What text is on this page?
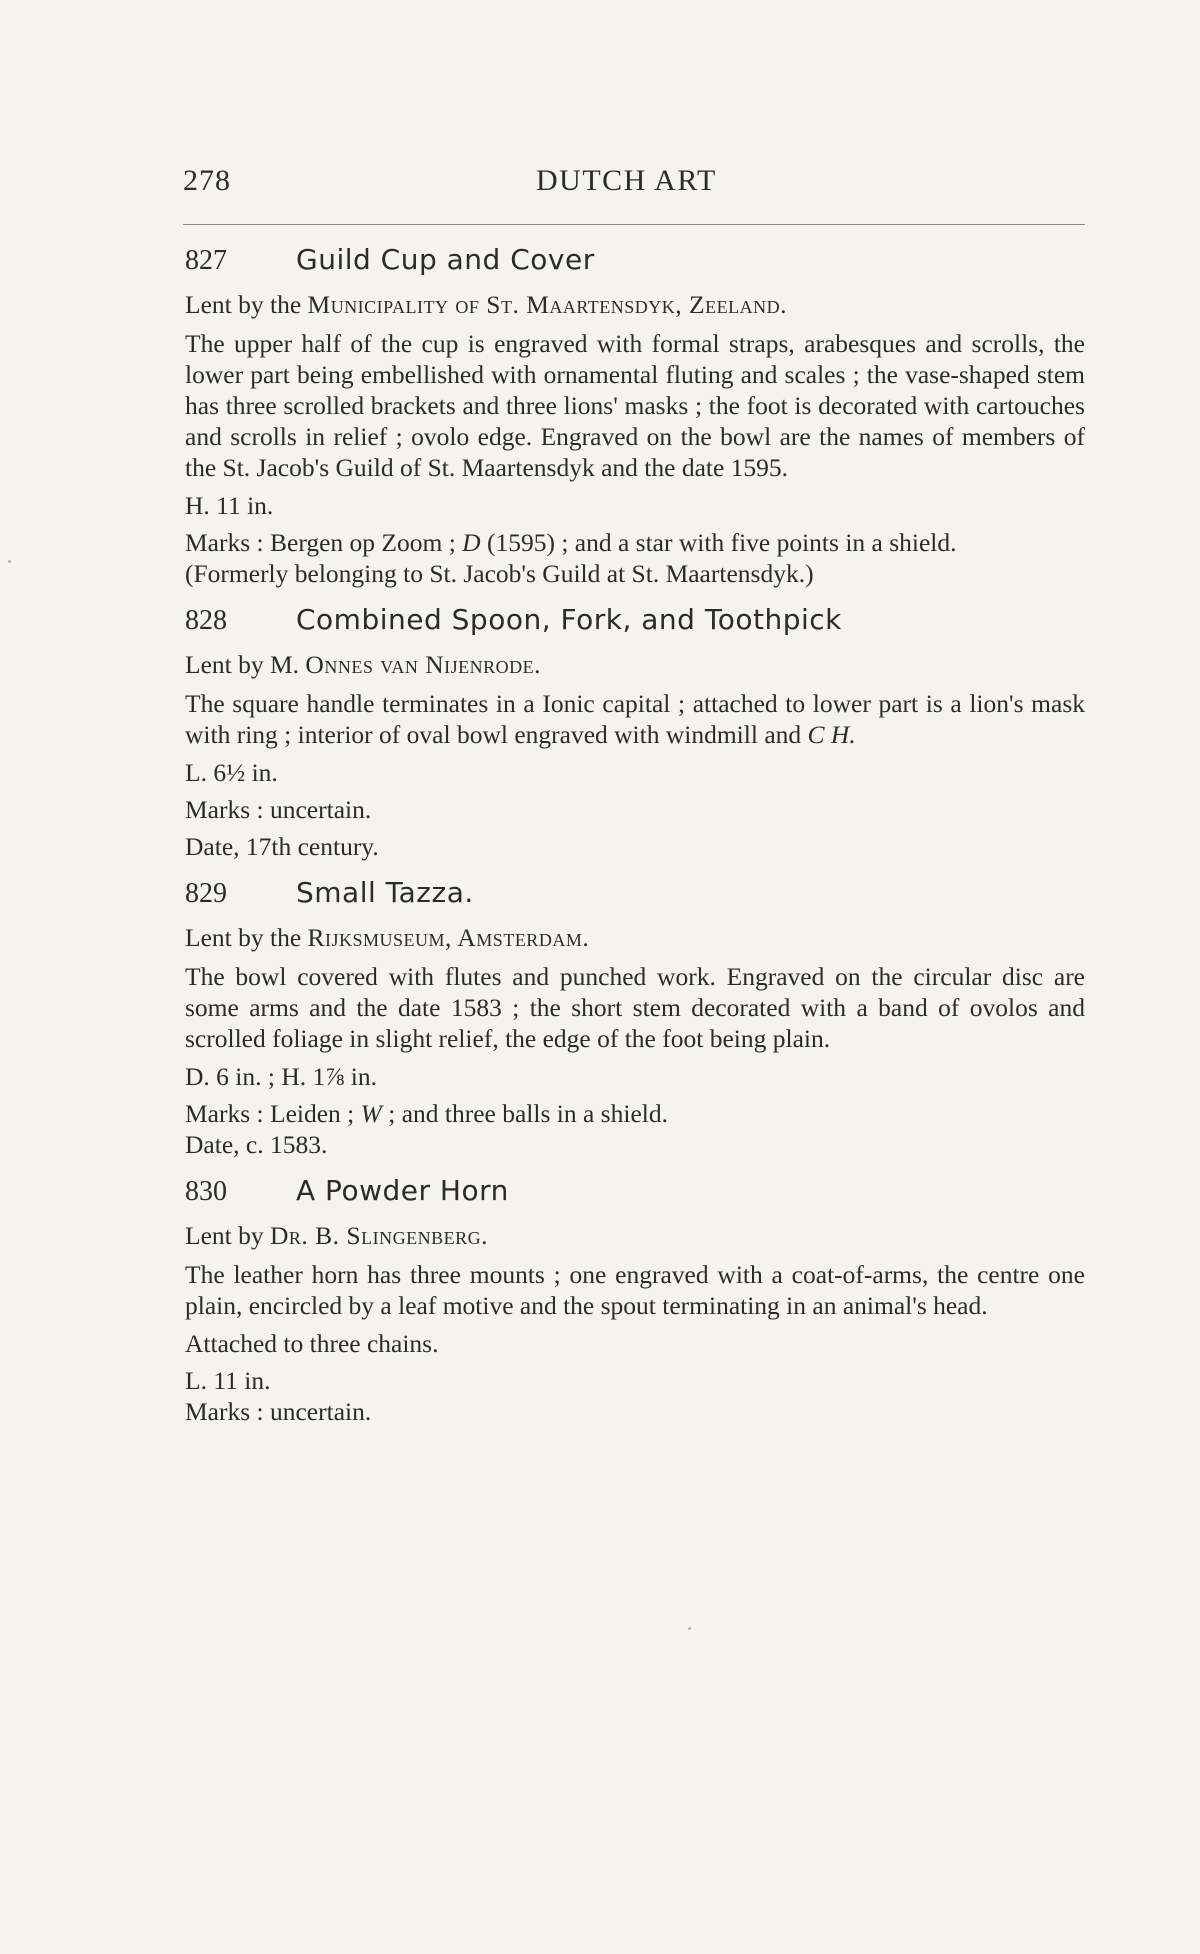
278	DUTCH ART
827	Guild Cup and Cover
Lent by the Municipality of St. Maartensdyk, Zeeland.
The upper half of the cup is engraved with formal straps, arabesques and scrolls, the lower part being embellished with ornamental fluting and scales ; the vase-shaped stem has three scrolled brackets and three lions' masks ; the foot is decorated with cartouches and scrolls in relief ; ovolo edge. Engraved on the bowl are the names of members of the St. Jacob's Guild of St. Maartensdyk and the date 1595.
H. 11 in.
Marks : Bergen op Zoom ; D (1595) ; and a star with five points in a shield.
(Formerly belonging to St. Jacob's Guild at St. Maartensdyk.)
828	Combined Spoon, Fork, and Toothpick
Lent by M. Onnes van Nijenrode.
The square handle terminates in a Ionic capital ; attached to lower part is a lion's mask with ring ; interior of oval bowl engraved with windmill and C H.
L. 6½ in.
Marks : uncertain.
Date, 17th century.
829	Small Tazza.
Lent by the Rijksmuseum, Amsterdam.
The bowl covered with flutes and punched work. Engraved on the circular disc are some arms and the date 1583 ; the short stem decorated with a band of ovolos and scrolled foliage in slight relief, the edge of the foot being plain.
D. 6 in. ; H. 1⅞ in.
Marks : Leiden ; W ; and three balls in a shield.
Date, c. 1583.
830	A Powder Horn
Lent by Dr. B. Slingenberg.
The leather horn has three mounts ; one engraved with a coat-of-arms, the centre one plain, encircled by a leaf motive and the spout terminating in an animal's head.
Attached to three chains.
L. 11 in.
Marks : uncertain.
